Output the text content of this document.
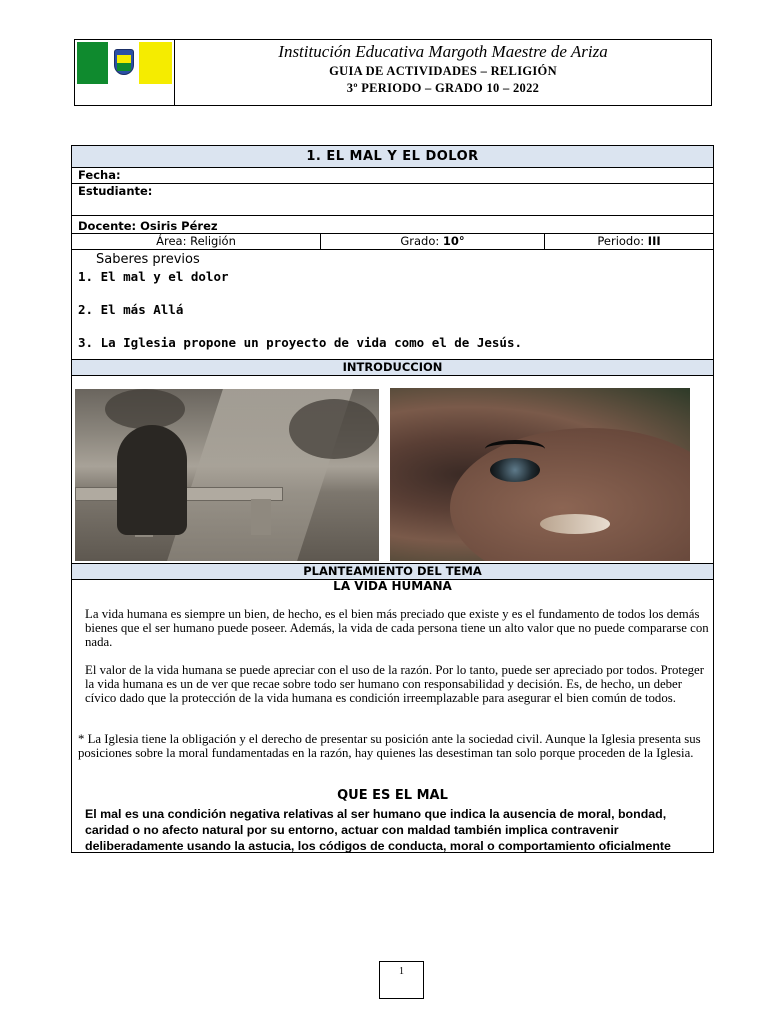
Institución Educativa Margoth Maestre de Ariza
GUIA DE ACTIVIDADES – RELIGIÓN
3º PERIODO – GRADO 10 – 2022
1. EL MAL Y EL DOLOR
Fecha:
Estudiante:
Docente: Osiris Pérez
Área: Religión	Grado: 10°	Periodo: III
Saberes previos
1. El mal y el dolor
2. El más Allá
3. La Iglesia propone un proyecto de vida como el de Jesús.
INTRODUCCION
PLANTEAMIENTO DEL TEMA
LA VIDA HUMANA
La vida humana es siempre un bien, de hecho, es el bien más preciado que existe y es el fundamento de todos los demás bienes que el ser humano puede poseer. Además, la vida de cada persona tiene un alto valor que no puede compararse con nada.
El valor de la vida humana se puede apreciar con el uso de la razón. Por lo tanto, puede ser apreciado por todos. Proteger la vida humana es un de ver que recae sobre todo ser humano con responsabilidad y decisión. Es, de hecho, un deber cívico dado que la protección de la vida humana es condición irreemplazable para asegurar el bien común de todos.
* La Iglesia tiene la obligación y el derecho de presentar su posición ante la sociedad civil. Aunque la Iglesia presenta sus posiciones sobre la moral fundamentadas en la razón, hay quienes las desestiman tan solo porque proceden de la Iglesia.
QUE ES EL MAL
El mal es una condición negativa relativas al ser humano que indica la ausencia de moral, bondad, caridad o no afecto natural por su entorno, actuar con maldad también implica contravenir deliberadamente usando la astucia, los códigos de conducta, moral o comportamiento oficialmente
1
